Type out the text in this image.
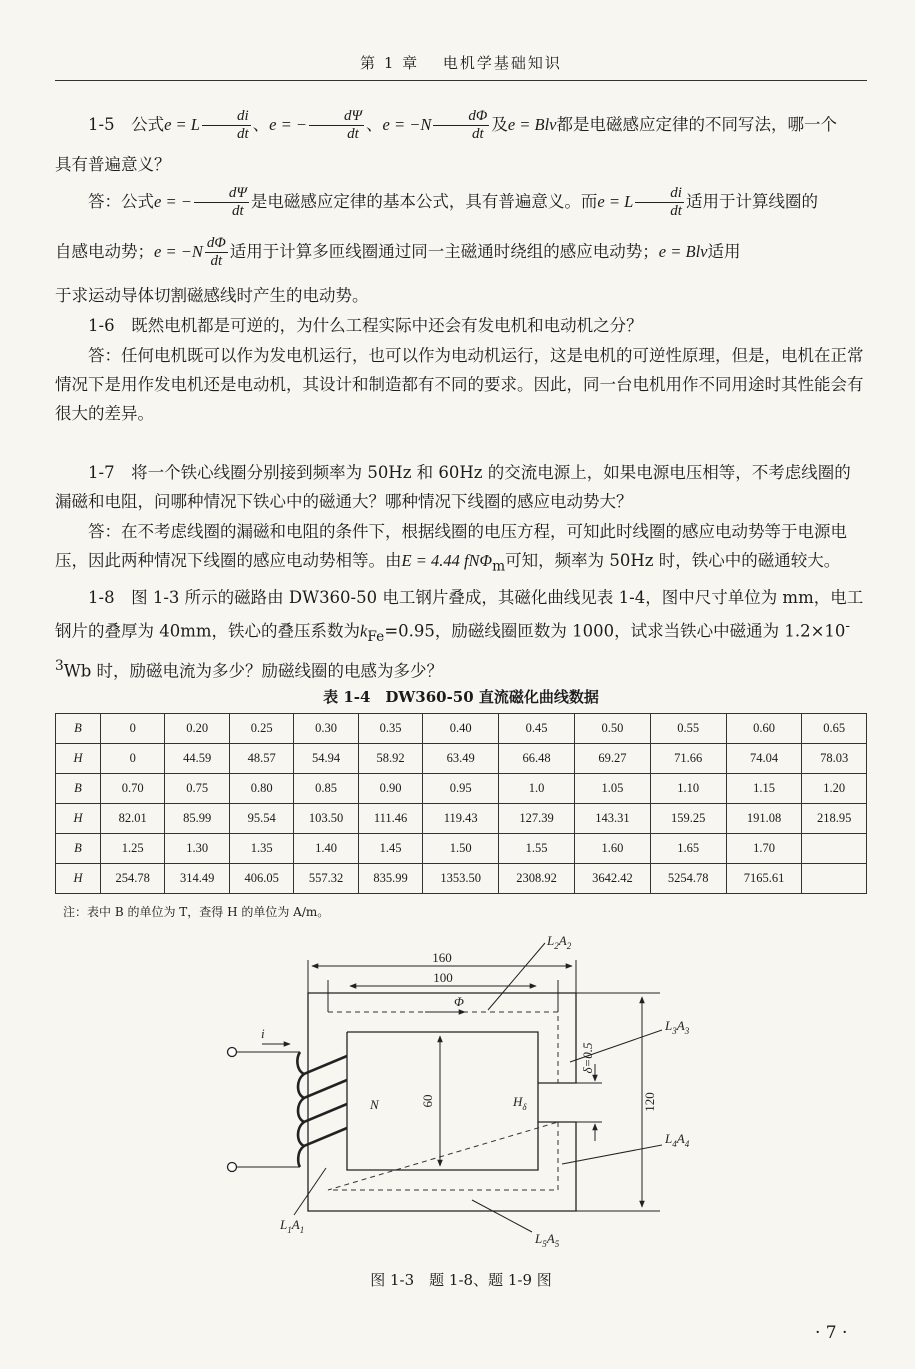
第 1 章　 电机学基础知识

1-5　 公式e = L $\frac{di}{dt}$ 、e = − $\frac{d\Psi}{dt}$ 、$e = -N \frac{d\Phi}{dt}$ 及e = Blv都是电磁感应定律的不同写法，哪一个

具有普遍意义？

答：公式e = − $\frac{d\Psi}{dt}$ 是电磁感应定律的基本公式，具有普遍意义。而e = L $\frac{di}{dt}$ 适用于计算线圈的

自感电动势；$e = -N \frac{d\Phi}{dt}$ 适用于计算多匝线圈通过同一主磁通时绕组的感应电动势；e = Blv适用

于求运动导体切割磁感线时产生的电动势。

1-6　既然电机都是可逆的，为什么工程实际中还会有发电机和电动机之分？

答：任何电机既可以作为发电机运行，也可以作为电动机运行，这是电机的可逆性原理，但是，电机在正常情况下是用作发电机还是电动机，其设计和制造都有不同的要求。因此，同一台电机用作不同用途时其性能会有很大的差异。

1-7　将一个铁心线圈分别接到频率为 50Hz 和 60Hz 的交流电源上，如果电源电压相等，不考虑线圈的漏磁和电阻，问哪种情况下铁心中的磁通大？哪种情况下线圈的感应电动势大？

答：在不考虑线圈的漏磁和电阻的条件下，根据线圈的电压方程，可知此时线圈的感应电动势等于电源电压，因此两种情况下线圈的感应电动势相等。由E = 4.44 fNΦ$_m$可知，频率为 50Hz 时，铁心中的磁通较大。

1-8　图 1-3 所示的磁路由 DW360-50 电工钢片叠成，其磁化曲线见表 1-4，图中尺寸单位为 mm，电工钢片的叠厚为 40mm，铁心的叠压系数为$k_{Fe}=0.95$，励磁线圈匝数为 1000，试求当铁心中磁通为 $1.2\times 10^{-3}Wb$ 时，励磁电流为多少？励磁线圈的电感为多少？

表 1-4　DW360-50 直流磁化曲线数据
B	0	0.20	0.25	0.30	0.35	0.40	0.45	0.50	0.55	0.60	0.65
H	0	44.59	48.57	54.94	58.92	63.49	66.48	69.27	71.66	74.04	78.03
B	0.70	0.75	0.80	0.85	0.90	0.95	1.0	1.05	1.10	1.15	1.20
H	82.01	85.99	95.54	103.50	111.46	119.43	127.39	143.31	159.25	191.08	218.95
B	1.25	1.30	1.35	1.40	1.45	1.50	1.55	1.60	1.65	1.70	
H	254.78	314.49	406.05	557.32	835.99	1353.50	2308.92	3642.42	5254.78	7165.61	
注：表中 B 的单位为 T，查得 H 的单位为 A/m。
160
100
60	120
δ=0.5
Φ
i
N	$H_\delta$
$L_2A_2$
$L_3A_3$
$L_4A_4$
$L_5A_5$
$L_1A_1$
图 1-3　题 1-8、题 1-9 图
· 7 ·
